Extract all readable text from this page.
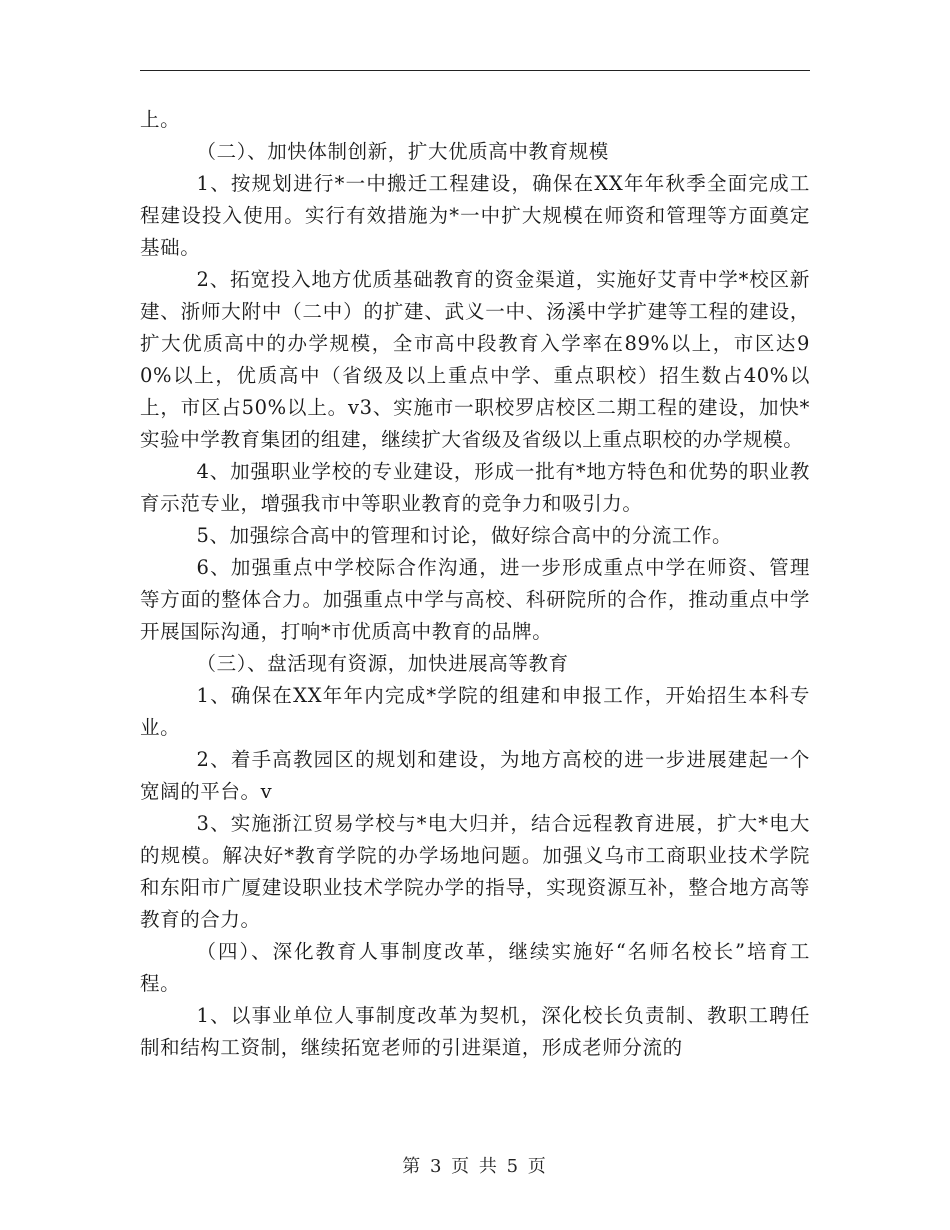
上。

（二）、加快体制创新，扩大优质高中教育规模

1、按规划进行*一中搬迁工程建设，确保在XX年年秋季全面完成工程建设投入使用。实行有效措施为*一中扩大规模在师资和管理等方面奠定基础。

2、拓宽投入地方优质基础教育的资金渠道，实施好艾青中学*校区新建、浙师大附中（二中）的扩建、武义一中、汤溪中学扩建等工程的建设，扩大优质高中的办学规模，全市高中段教育入学率在89%以上，市区达90%以上，优质高中（省级及以上重点中学、重点职校）招生数占40%以上，市区占50%以上。v3、实施市一职校罗店校区二期工程的建设，加快*实验中学教育集团的组建，继续扩大省级及省级以上重点职校的办学规模。

4、加强职业学校的专业建设，形成一批有*地方特色和优势的职业教育示范专业，增强我市中等职业教育的竞争力和吸引力。

5、加强综合高中的管理和讨论，做好综合高中的分流工作。

6、加强重点中学校际合作沟通，进一步形成重点中学在师资、管理等方面的整体合力。加强重点中学与高校、科研院所的合作，推动重点中学开展国际沟通，打响*市优质高中教育的品牌。

（三）、盘活现有资源，加快进展高等教育

1、确保在XX年年内完成*学院的组建和申报工作，开始招生本科专业。

2、着手高教园区的规划和建设，为地方高校的进一步进展建起一个宽阔的平台。v

3、实施浙江贸易学校与*电大归并，结合远程教育进展，扩大*电大的规模。解决好*教育学院的办学场地问题。加强义乌市工商职业技术学院和东阳市广厦建设职业技术学院办学的指导，实现资源互补，整合地方高等教育的合力。

（四）、深化教育人事制度改革，继续实施好“名师名校长”培育工程。

1、以事业单位人事制度改革为契机，深化校长负责制、教职工聘任制和结构工资制，继续拓宽老师的引进渠道，形成老师分流的

第 3 页 共 5 页
